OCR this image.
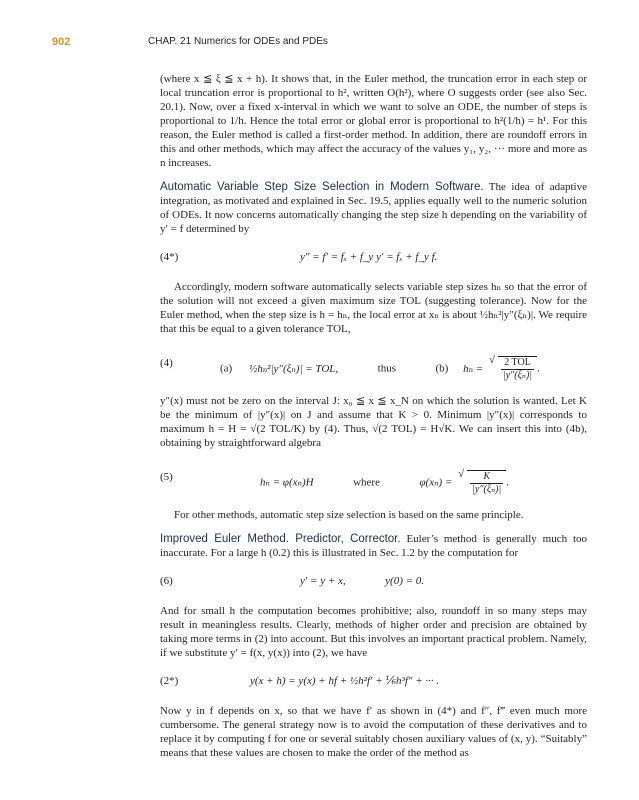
902	CHAP. 21 Numerics for ODEs and PDEs

(where x ≦ ξ ≦ x + h). It shows that, in the Euler method, the truncation error in each step or local truncation error is proportional to h², written O(h²), where O suggests order (see also Sec. 20.1). Now, over a fixed x-interval in which we want to solve an ODE, the number of steps is proportional to 1/h. Hence the total error or global error is proportional to h²(1/h) = h¹. For this reason, the Euler method is called a first-order method. In addition, there are roundoff errors in this and other methods, which may affect the accuracy of the values y₁, y₂, ··· more and more as n increases.

Automatic Variable Step Size Selection in Modern Software. The idea of adaptive integration, as motivated and explained in Sec. 19.5, applies equally well to the numeric solution of ODEs. It now concerns automatically changing the step size h depending on the variability of y′ = f determined by

(4*)	y″ = f′ = fₓ + f_y y′ = fₓ + f_y f.

Accordingly, modern software automatically selects variable step sizes hₙ so that the error of the solution will not exceed a given maximum size TOL (suggesting tolerance). Now for the Euler method, when the step size is h = hₙ, the local error at xₙ is about ½hₙ²|y″(ξₙ)|. We require that this be equal to a given tolerance TOL,

(4)	(a) ½hₙ²|y″(ξₙ)| = TOL,	thus	(b) hₙ = √ $\frac{\text{2 TOL}}{\text{|y″(ξₙ)|}}$ .

y″(x) must not be zero on the interval J: x₀ ≦ x ≦ x_N on which the solution is wanted. Let K be the minimum of |y″(x)| on J and assume that K > 0. Minimum |y″(x)| corresponds to maximum h = H = √(2 TOL/K) by (4). Thus, √(2 TOL) = H√K. We can insert this into (4b), obtaining by straightforward algebra

(5)	hₙ = φ(xₙ)H	where	φ(xₙ) = √ $\frac{K}{\text{|y″(ξₙ)|}}$ .

For other methods, automatic step size selection is based on the same principle.

Improved Euler Method. Predictor, Corrector. Euler’s method is generally much too inaccurate. For a large h (0.2) this is illustrated in Sec. 1.2 by the computation for

(6)	y′ = y + x,	y(0) = 0.

And for small h the computation becomes prohibitive; also, roundoff in so many steps may result in meaningless results. Clearly, methods of higher order and precision are obtained by taking more terms in (2) into account. But this involves an important practical problem. Namely, if we substitute y′ = f(x, y(x)) into (2), we have

(2*)	y(x + h) = y(x) + hf + ½h²f′ + ⅙h³f″ + ··· .

Now y in f depends on x, so that we have f′ as shown in (4*) and f″, f‴ even much more cumbersome. The general strategy now is to avoid the computation of these derivatives and to replace it by computing f for one or several suitably chosen auxiliary values of (x, y). “Suitably” means that these values are chosen to make the order of the method as
